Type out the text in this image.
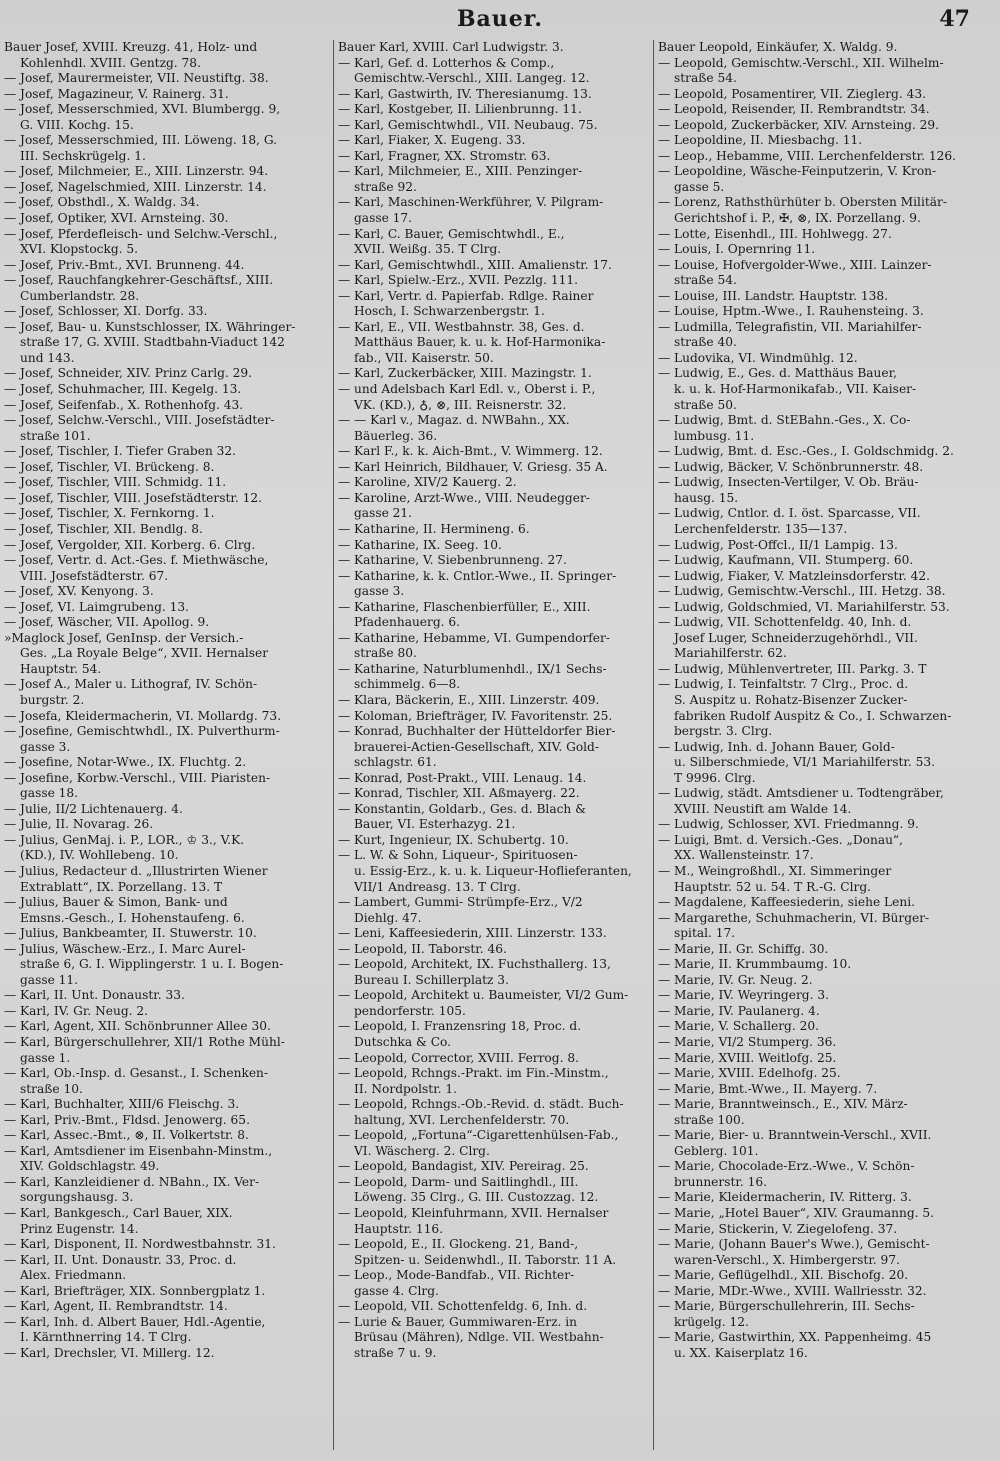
Bauer.	47
Bauer Josef, XVIII. Kreuzg. 41, Holz- und
Kohlenhdl. XVIII. Gentzg. 78.
— Josef, Maurermeister, VII. Neustiftg. 38.
— Josef, Magazineur, V. Rainerg. 31.
— Josef, Messerschmied, XVI. Blumbergg. 9,
G. VIII. Kochg. 15.
— Josef, Messerschmied, III. Löweng. 18, G.
III. Sechskrügelg. 1.
— Josef, Milchmeier, E., XIII. Linzerstr. 94.
— Josef, Nagelschmied, XIII. Linzerstr. 14.
— Josef, Obsthdl., X. Waldg. 34.
— Josef, Optiker, XVI. Arnsteing. 30.
— Josef, Pferdefleisch- und Selchw.-Verschl.,
XVI. Klopstockg. 5.
— Josef, Priv.-Bmt., XVI. Brunneng. 44.
— Josef, Rauchfangkehrer-Geschäftsf., XIII.
Cumberlandstr. 28.
— Josef, Schlosser, XI. Dorfg. 33.
— Josef, Bau- u. Kunstschlosser, IX. Währinger-
straße 17, G. XVIII. Stadtbahn-Viaduct 142
und 143.
— Josef, Schneider, XIV. Prinz Carlg. 29.
— Josef, Schuhmacher, III. Kegelg. 13.
— Josef, Seifenfab., X. Rothenhofg. 43.
— Josef, Selchw.-Verschl., VIII. Josefstädter-
straße 101.
— Josef, Tischler, I. Tiefer Graben 32.
— Josef, Tischler, VI. Brückeng. 8.
— Josef, Tischler, VIII. Schmidg. 11.
— Josef, Tischler, VIII. Josefstädterstr. 12.
— Josef, Tischler, X. Fernkorng. 1.
— Josef, Tischler, XII. Bendlg. 8.
— Josef, Vergolder, XII. Korberg. 6. Clrg.
— Josef, Vertr. d. Act.-Ges. f. Miethwäsche,
VIII. Josefstädterstr. 67.
— Josef, XV. Kenyong. 3.
— Josef, VI. Laimgrubeng. 13.
— Josef, Wäscher, VII. Apollog. 9.
»Maglock Josef, GenInsp. der Versich.-
Ges. „La Royale Belge“, XVII. Hernalser
Hauptstr. 54.
— Josef A., Maler u. Lithograf, IV. Schön-
burgstr. 2.
— Josefa, Kleidermacherin, VI. Mollardg. 73.
— Josefine, Gemischtwhdl., IX. Pulverthurm-
gasse 3.
— Josefine, Notar-Wwe., IX. Fluchtg. 2.
— Josefine, Korbw.-Verschl., VIII. Piaristen-
gasse 18.
— Julie, II/2 Lichtenauerg. 4.
— Julie, II. Novarag. 26.
— Julius, GenMaj. i. P., LOR., ♔ 3., V.K.
(KD.), IV. Wohllebeng. 10.
— Julius, Redacteur d. „Illustrirten Wiener
Extrablatt“, IX. Porzellang. 13. T
— Julius, Bauer & Simon, Bank- und
Emsns.-Gesch., I. Hohenstaufeng. 6.
— Julius, Bankbeamter, II. Stuwerstr. 10.
— Julius, Wäschew.-Erz., I. Marc Aurel-
straße 6, G. I. Wipplingerstr. 1 u. I. Bogen-
gasse 11.
— Karl, II. Unt. Donaustr. 33.
— Karl, IV. Gr. Neug. 2.
— Karl, Agent, XII. Schönbrunner Allee 30.
— Karl, Bürgerschullehrer, XII/1 Rothe Mühl-
gasse 1.
— Karl, Ob.-Insp. d. Gesanst., I. Schenken-
straße 10.
— Karl, Buchhalter, XIII/6 Fleischg. 3.
— Karl, Priv.-Bmt., Fldsd. Jenowerg. 65.
— Karl, Assec.-Bmt., ⊗, II. Volkertstr. 8.
— Karl, Amtsdiener im Eisenbahn-Minstm.,
XIV. Goldschlagstr. 49.
— Karl, Kanzleidiener d. NBahn., IX. Ver-
sorgungshausg. 3.
— Karl, Bankgesch., Carl Bauer, XIX.
Prinz Eugenstr. 14.
— Karl, Disponent, II. Nordwestbahnstr. 31.
— Karl, II. Unt. Donaustr. 33, Proc. d.
Alex. Friedmann.
— Karl, Briefträger, XIX. Sonnbergplatz 1.
— Karl, Agent, II. Rembrandtstr. 14.
— Karl, Inh. d. Albert Bauer, Hdl.-Agentie,
I. Kärnthnerring 14. T Clrg.
— Karl, Drechsler, VI. Millerg. 12.
Bauer Karl, XVIII. Carl Ludwigstr. 3.
— Karl, Gef. d. Lotterhos & Comp.,
Gemischtw.-Verschl., XIII. Langeg. 12.
— Karl, Gastwirth, IV. Theresianumg. 13.
— Karl, Kostgeber, II. Lilienbrunng. 11.
— Karl, Gemischtwhdl., VII. Neubaug. 75.
— Karl, Fiaker, X. Eugeng. 33.
— Karl, Fragner, XX. Stromstr. 63.
— Karl, Milchmeier, E., XIII. Penzinger-
straße 92.
— Karl, Maschinen-Werkführer, V. Pilgram-
gasse 17.
— Karl, C. Bauer, Gemischtwhdl., E.,
XVII. Weißg. 35. T Clrg.
— Karl, Gemischtwhdl., XIII. Amalienstr. 17.
— Karl, Spielw.-Erz., XVII. Pezzlg. 111.
— Karl, Vertr. d. Papierfab. Rdlge. Rainer
Hosch, I. Schwarzenbergstr. 1.
— Karl, E., VII. Westbahnstr. 38, Ges. d.
Matthäus Bauer, k. u. k. Hof-Harmonika-
fab., VII. Kaiserstr. 50.
— Karl, Zuckerbäcker, XIII. Mazingstr. 1.
— und Adelsbach Karl Edl. v., Oberst i. P.,
VK. (KD.), ♁, ⊗, III. Reisnerstr. 32.
— — Karl v., Magaz. d. NWBahn., XX.
Bäuerleg. 36.
— Karl F., k. k. Aich-Bmt., V. Wimmerg. 12.
— Karl Heinrich, Bildhauer, V. Griesg. 35 A.
— Karoline, XIV/2 Kauerg. 2.
— Karoline, Arzt-Wwe., VIII. Neudegger-
gasse 21.
— Katharine, II. Hermineng. 6.
— Katharine, IX. Seeg. 10.
— Katharine, V. Siebenbrunneng. 27.
— Katharine, k. k. Cntlor.-Wwe., II. Springer-
gasse 3.
— Katharine, Flaschenbierfüller, E., XIII.
Pfadenhauerg. 6.
— Katharine, Hebamme, VI. Gumpendorfer-
straße 80.
— Katharine, Naturblumenhdl., IX/1 Sechs-
schimmelg. 6—8.
— Klara, Bäckerin, E., XIII. Linzerstr. 409.
— Koloman, Briefträger, IV. Favoritenstr. 25.
— Konrad, Buchhalter der Hütteldorfer Bier-
brauerei-Actien-Gesellschaft, XIV. Gold-
schlagstr. 61.
— Konrad, Post-Prakt., VIII. Lenaug. 14.
— Konrad, Tischler, XII. Aßmayerg. 22.
— Konstantin, Goldarb., Ges. d. Blach &
Bauer, VI. Esterhazyg. 21.
— Kurt, Ingenieur, IX. Schubertg. 10.
— L. W. & Sohn, Liqueur-, Spirituosen-
u. Essig-Erz., k. u. k. Liqueur-Hoflieferanten,
VII/1 Andreasg. 13. T Clrg.
— Lambert, Gummi- Strümpfe-Erz., V/2
Diehlg. 47.
— Leni, Kaffeesiederin, XIII. Linzerstr. 133.
— Leopold, II. Taborstr. 46.
— Leopold, Architekt, IX. Fuchsthallerg. 13,
Bureau I. Schillerplatz 3.
— Leopold, Architekt u. Baumeister, VI/2 Gum-
pendorferstr. 105.
— Leopold, I. Franzensring 18, Proc. d.
Dutschka & Co.
— Leopold, Corrector, XVIII. Ferrog. 8.
— Leopold, Rchngs.-Prakt. im Fin.-Minstm.,
II. Nordpolstr. 1.
— Leopold, Rchngs.-Ob.-Revid. d. städt. Buch-
haltung, XVI. Lerchenfelderstr. 70.
— Leopold, „Fortuna“-Cigarettenhülsen-Fab.,
VI. Wäscherg. 2. Clrg.
— Leopold, Bandagist, XIV. Pereirag. 25.
— Leopold, Darm- und Saitlinghdl., III.
Löweng. 35 Clrg., G. III. Custozzag. 12.
— Leopold, Kleinfuhrmann, XVII. Hernalser
Hauptstr. 116.
— Leopold, E., II. Glockeng. 21, Band-,
Spitzen- u. Seidenwhdl., II. Taborstr. 11 A.
— Leop., Mode-Bandfab., VII. Richter-
gasse 4. Clrg.
— Leopold, VII. Schottenfeldg. 6, Inh. d.
— Lurie & Bauer, Gummiwaren-Erz. in
Brüsau (Mähren), Ndlge. VII. Westbahn-
straße 7 u. 9.
Bauer Leopold, Einkäufer, X. Waldg. 9.
— Leopold, Gemischtw.-Verschl., XII. Wilhelm-
straße 54.
— Leopold, Posamentirer, VII. Zieglerg. 43.
— Leopold, Reisender, II. Rembrandtstr. 34.
— Leopold, Zuckerbäcker, XIV. Arnsteing. 29.
— Leopoldine, II. Miesbachg. 11.
— Leop., Hebamme, VIII. Lerchenfelderstr. 126.
— Leopoldine, Wäsche-Feinputzerin, V. Kron-
gasse 5.
— Lorenz, Rathsthürhüter b. Obersten Militär-
Gerichtshof i. P., ✠, ⊗, IX. Porzellang. 9.
— Lotte, Eisenhdl., III. Hohlwegg. 27.
— Louis, I. Opernring 11.
— Louise, Hofvergolder-Wwe., XIII. Lainzer-
straße 54.
— Louise, III. Landstr. Hauptstr. 138.
— Louise, Hptm.-Wwe., I. Rauhensteing. 3.
— Ludmilla, Telegrafistin, VII. Mariahilfer-
straße 40.
— Ludovika, VI. Windmühlg. 12.
— Ludwig, E., Ges. d. Matthäus Bauer,
k. u. k. Hof-Harmonikafab., VII. Kaiser-
straße 50.
— Ludwig, Bmt. d. StEBahn.-Ges., X. Co-
lumbusg. 11.
— Ludwig, Bmt. d. Esc.-Ges., I. Goldschmidg. 2.
— Ludwig, Bäcker, V. Schönbrunnerstr. 48.
— Ludwig, Insecten-Vertilger, V. Ob. Bräu-
hausg. 15.
— Ludwig, Cntlor. d. I. öst. Sparcasse, VII.
Lerchenfelderstr. 135—137.
— Ludwig, Post-Offcl., II/1 Lampig. 13.
— Ludwig, Kaufmann, VII. Stumperg. 60.
— Ludwig, Fiaker, V. Matzleinsdorferstr. 42.
— Ludwig, Gemischtw.-Verschl., III. Hetzg. 38.
— Ludwig, Goldschmied, VI. Mariahilferstr. 53.
— Ludwig, VII. Schottenfeldg. 40, Inh. d.
Josef Luger, Schneiderzugehörhdl., VII.
Mariahilferstr. 62.
— Ludwig, Mühlenvertreter, III. Parkg. 3. T
— Ludwig, I. Teinfaltstr. 7 Clrg., Proc. d.
S. Auspitz u. Rohatz-Bisenzer Zucker-
fabriken Rudolf Auspitz & Co., I. Schwarzen-
bergstr. 3. Clrg.
— Ludwig, Inh. d. Johann Bauer, Gold-
u. Silberschmiede, VI/1 Mariahilferstr. 53.
T 9996. Clrg.
— Ludwig, städt. Amtsdiener u. Todtengräber,
XVIII. Neustift am Walde 14.
— Ludwig, Schlosser, XVI. Friedmanng. 9.
— Luigi, Bmt. d. Versich.-Ges. „Donau“,
XX. Wallensteinstr. 17.
— M., Weingroßhdl., XI. Simmeringer
Hauptstr. 52 u. 54. T R.-G. Clrg.
— Magdalene, Kaffeesiederin, siehe Leni.
— Margarethe, Schuhmacherin, VI. Bürger-
spital. 17.
— Marie, II. Gr. Schiffg. 30.
— Marie, II. Krummbaumg. 10.
— Marie, IV. Gr. Neug. 2.
— Marie, IV. Weyringerg. 3.
— Marie, IV. Paulanerg. 4.
— Marie, V. Schallerg. 20.
— Marie, VI/2 Stumperg. 36.
— Marie, XVIII. Weitlofg. 25.
— Marie, XVIII. Edelhofg. 25.
— Marie, Bmt.-Wwe., II. Mayerg. 7.
— Marie, Branntweinsch., E., XIV. März-
straße 100.
— Marie, Bier- u. Branntwein-Verschl., XVII.
Geblerg. 101.
— Marie, Chocolade-Erz.-Wwe., V. Schön-
brunnerstr. 16.
— Marie, Kleidermacherin, IV. Ritterg. 3.
— Marie, „Hotel Bauer“, XIV. Graumanng. 5.
— Marie, Stickerin, V. Ziegelofeng. 37.
— Marie, (Johann Bauer's Wwe.), Gemischt-
waren-Verschl., X. Himbergerstr. 97.
— Marie, Geflügelhdl., XII. Bischofg. 20.
— Marie, MDr.-Wwe., XVIII. Wallriesstr. 32.
— Marie, Bürgerschullehrerin, III. Sechs-
krügelg. 12.
— Marie, Gastwirthin, XX. Pappenheimg. 45
u. XX. Kaiserplatz 16.
